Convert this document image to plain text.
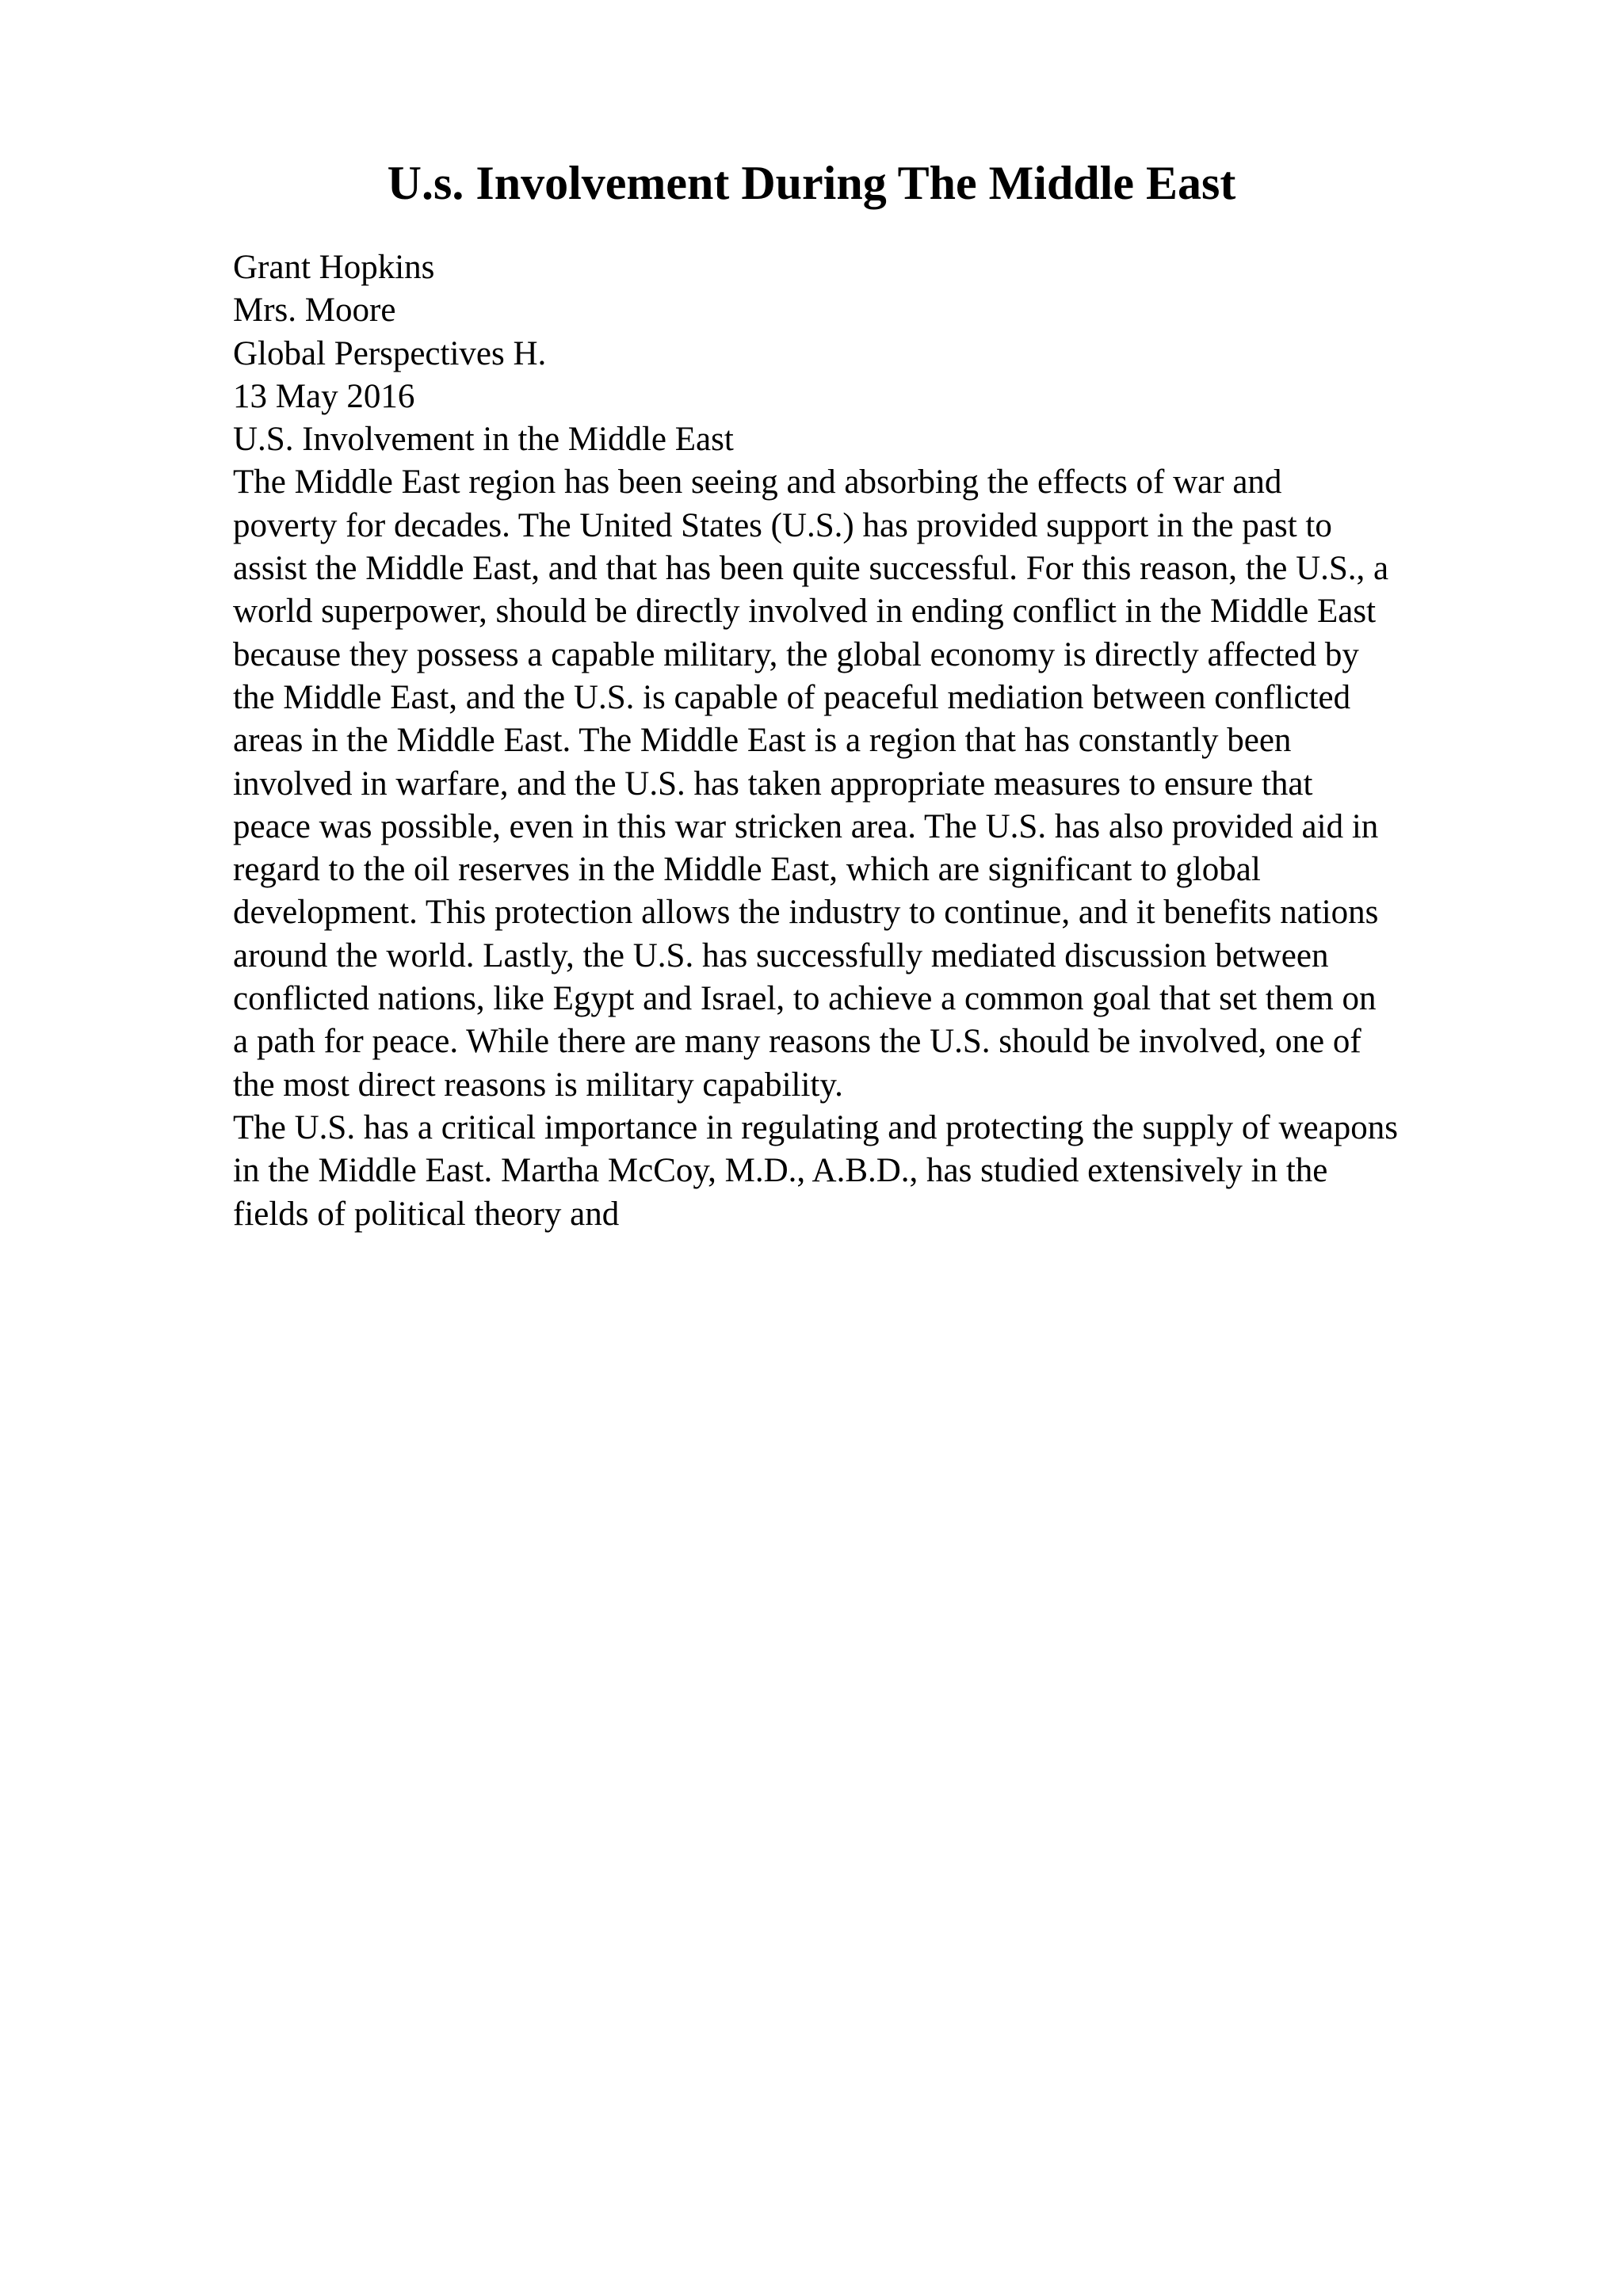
U.s. Involvement During The Middle East
Grant Hopkins
Mrs. Moore
Global Perspectives H.
13 May 2016
U.S. Involvement in the Middle East
The Middle East region has been seeing and absorbing the effects of war and
poverty for decades. The United States (U.S.) has provided support in the past to
assist the Middle East, and that has been quite successful. For this reason, the U.S., a
world superpower, should be directly involved in ending conflict in the Middle East
because they possess a capable military, the global economy is directly affected by
the Middle East, and the U.S. is capable of peaceful mediation between conflicted
areas in the Middle East. The Middle East is a region that has constantly been
involved in warfare, and the U.S. has taken appropriate measures to ensure that
peace was possible, even in this war stricken area. The U.S. has also provided aid in
regard to the oil reserves in the Middle East, which are significant to global
development. This protection allows the industry to continue, and it benefits nations
around the world. Lastly, the U.S. has successfully mediated discussion between
conflicted nations, like Egypt and Israel, to achieve a common goal that set them on
a path for peace. While there are many reasons the U.S. should be involved, one of
the most direct reasons is military capability.
The U.S. has a critical importance in regulating and protecting the supply of weapons
in the Middle East. Martha McCoy, M.D., A.B.D., has studied extensively in the
fields of political theory and
